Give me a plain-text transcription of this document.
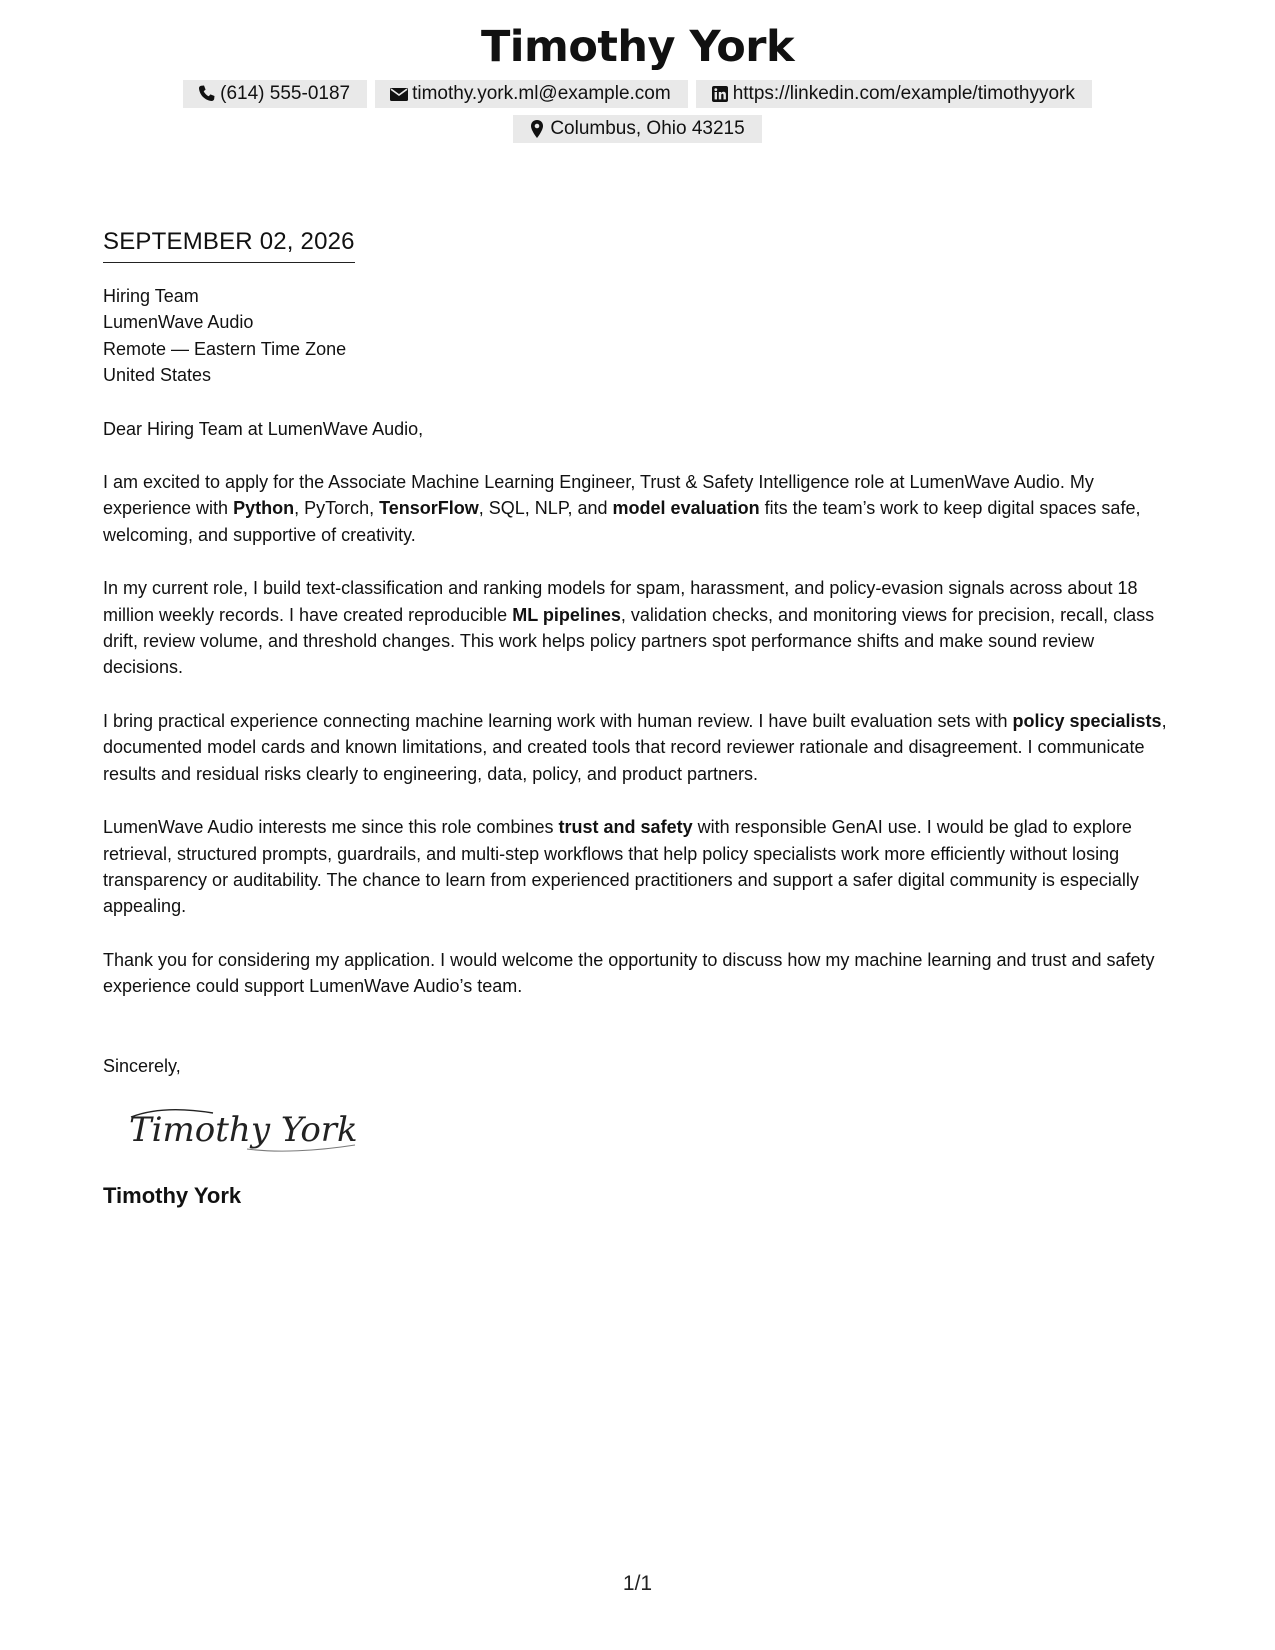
Timothy York
(614) 555-0187	timothy.york.ml@example.com	https://linkedin.com/example/timothyyork
Columbus, Ohio 43215
SEPTEMBER 02, 2026
Hiring Team
LumenWave Audio
Remote — Eastern Time Zone
United States

Dear Hiring Team at LumenWave Audio,

I am excited to apply for the Associate Machine Learning Engineer, Trust & Safety Intelligence role at LumenWave Audio. My experience with Python, PyTorch, TensorFlow, SQL, NLP, and model evaluation fits the team’s work to keep digital spaces safe, welcoming, and supportive of creativity.

In my current role, I build text-classification and ranking models for spam, harassment, and policy-evasion signals across about 18 million weekly records. I have created reproducible ML pipelines, validation checks, and monitoring views for precision, recall, class drift, review volume, and threshold changes. This work helps policy partners spot performance shifts and make sound review decisions.

I bring practical experience connecting machine learning work with human review. I have built evaluation sets with policy specialists, documented model cards and known limitations, and created tools that record reviewer rationale and disagreement. I communicate results and residual risks clearly to engineering, data, policy, and product partners.

LumenWave Audio interests me since this role combines trust and safety with responsible GenAI use. I would be glad to explore retrieval, structured prompts, guardrails, and multi-step workflows that help policy specialists work more efficiently without losing transparency or auditability. The chance to learn from experienced practitioners and support a safer digital community is especially appealing.

Thank you for considering my application. I would welcome the opportunity to discuss how my machine learning and trust and safety experience could support LumenWave Audio’s team.

Sincerely,

Timothy York
Timothy York
1/1
